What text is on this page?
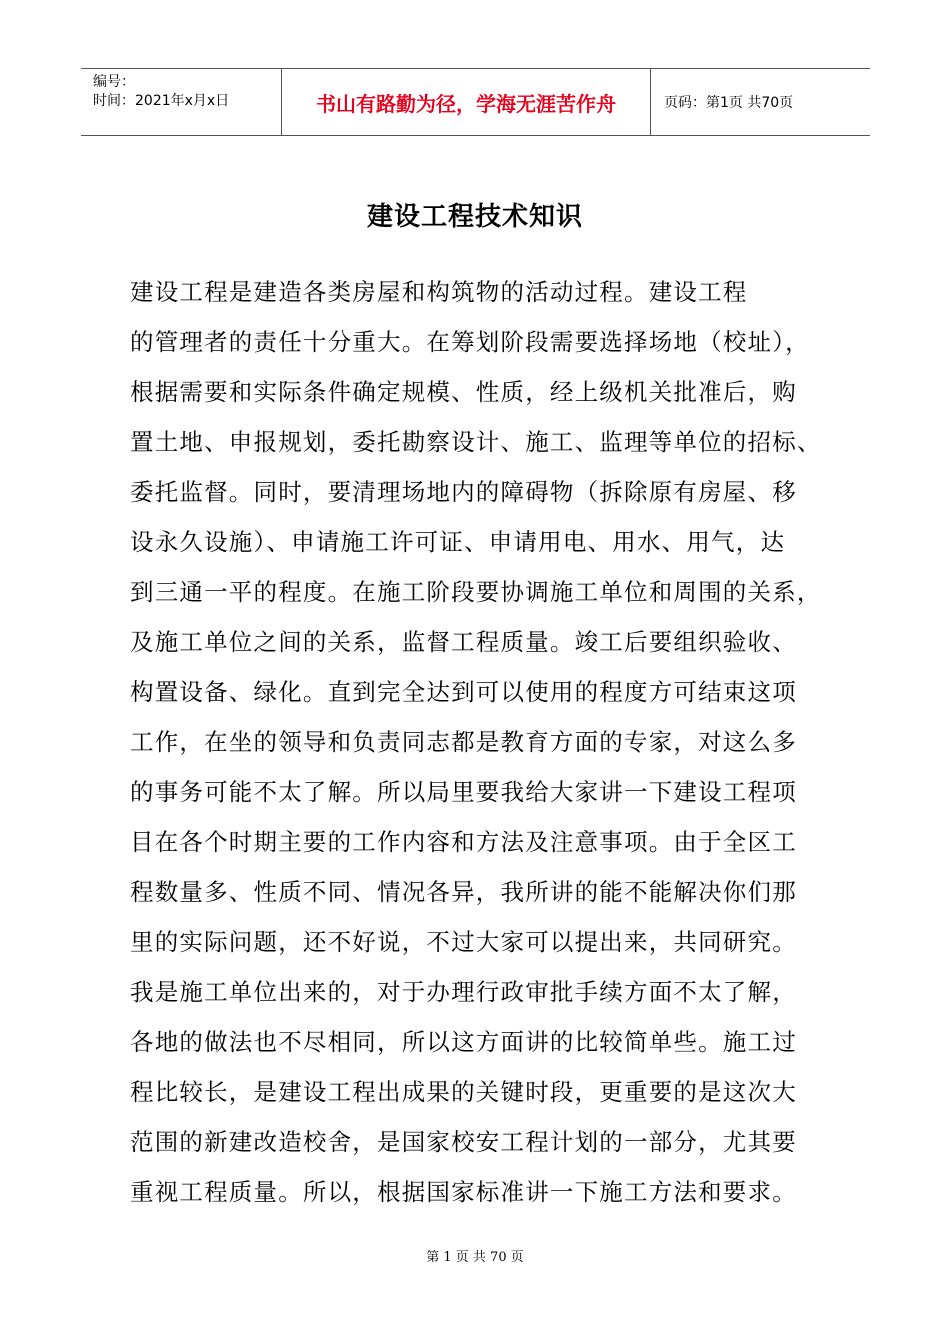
编号：
时间：2021年x月x日	书山有路勤为径，学海无涯苦作舟	页码：第1页 共70页
建设工程技术知识
建设工程是建造各类房屋和构筑物的活动过程。建设工程
的管理者的责任十分重大。在筹划阶段需要选择场地（校址），
根据需要和实际条件确定规模、性质，经上级机关批准后，购
置土地、申报规划，委托勘察设计、施工、监理等单位的招标、
委托监督。同时，要清理场地内的障碍物（拆除原有房屋、移
设永久设施）、申请施工许可证、申请用电、用水、用气，达
到三通一平的程度。在施工阶段要协调施工单位和周围的关系，
及施工单位之间的关系，监督工程质量。竣工后要组织验收、
构置设备、绿化。直到完全达到可以使用的程度方可结束这项
工作，在坐的领导和负责同志都是教育方面的专家，对这么多
的事务可能不太了解。所以局里要我给大家讲一下建设工程项
目在各个时期主要的工作内容和方法及注意事项。由于全区工
程数量多、性质不同、情况各异，我所讲的能不能解决你们那
里的实际问题，还不好说，不过大家可以提出来，共同研究。
我是施工单位出来的，对于办理行政审批手续方面不太了解，
各地的做法也不尽相同，所以这方面讲的比较简单些。施工过
程比较长，是建设工程出成果的关键时段，更重要的是这次大
范围的新建改造校舍，是国家校安工程计划的一部分，尤其要
重视工程质量。所以，根据国家标准讲一下施工方法和要求。
第 1 页 共 70 页
